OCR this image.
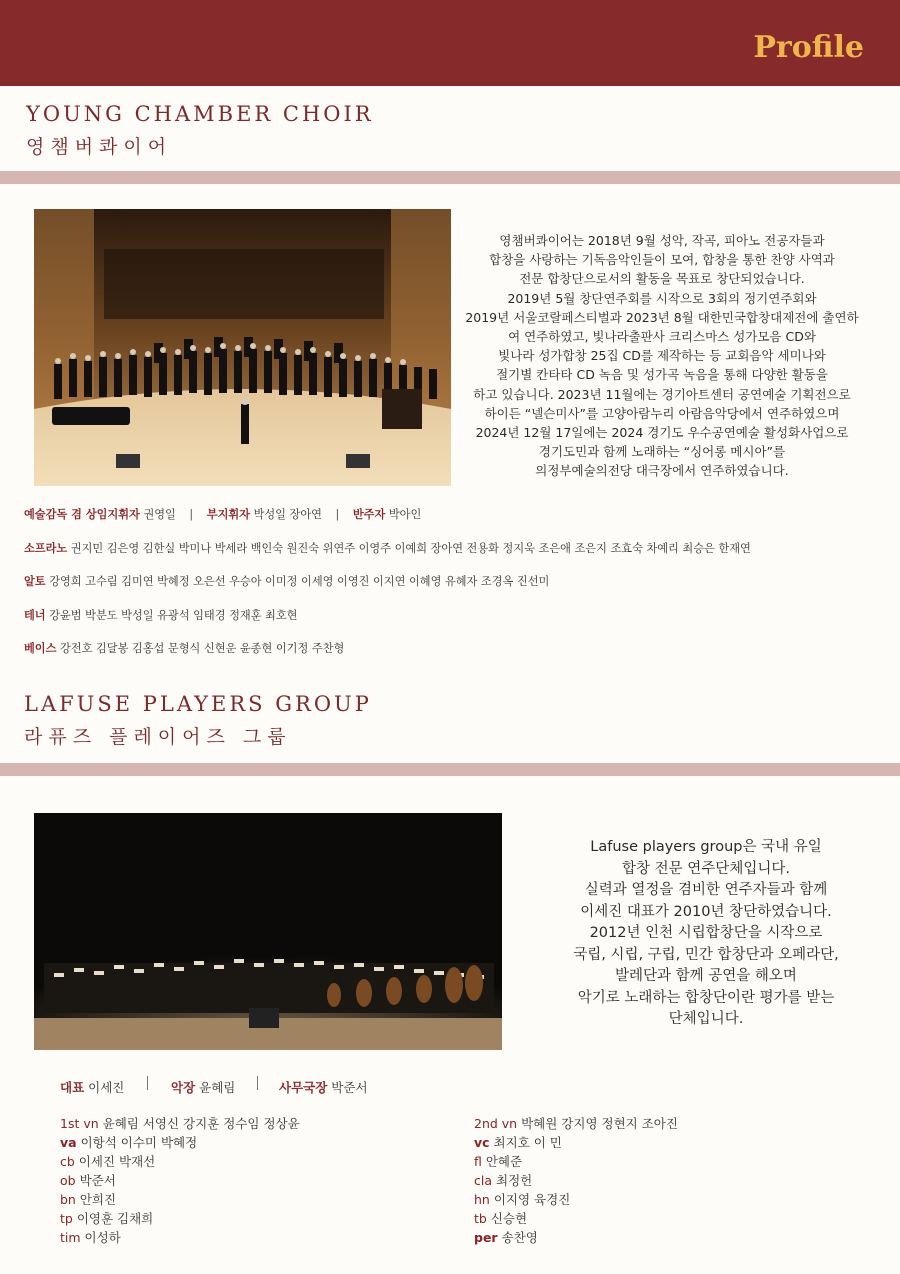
Profile
YOUNG CHAMBER CHOIR
영챔버콰이어
영챔버콰이어는 2018년 9월 성악, 작곡, 피아노 전공자들과
합창을 사랑하는 기독음악인들이 모여, 합창을 통한 찬양 사역과
전문 합창단으로서의 활동을 목표로 창단되었습니다.
2019년 5월 창단연주회를 시작으로 3회의 정기연주회와
2019년 서울코랄페스티벌과 2023년 8월 대한민국합창대제전에 출연하
여 연주하였고, 빛나라출판사 크리스마스 성가모음 CD와
빛나라 성가합창 25집 CD를 제작하는 등 교회음악 세미나와
절기별 칸타타 CD 녹음 및 성가곡 녹음을 통해 다양한 활동을
하고 있습니다. 2023년 11월에는 경기아트센터 공연예술 기획전으로
하이든 “넬슨미사”를 고양아람누리 아람음악당에서 연주하였으며
2024년 12월 17일에는 2024 경기도 우수공연예술 활성화사업으로
경기도민과 함께 노래하는 “싱어롱 메시아”를
의정부예술의전당 대극장에서 연주하였습니다.
예술감독 겸 상임지휘자 권영일 | 부지휘자 박성일 장아연 | 반주자 박아인
소프라노 권지민 김은영 김한실 박미나 박세라 백인숙 원진숙 위연주 이영주 이예희 장아연 전용화 정지욱 조은애 조은지 조효숙 차예리 최승은 한재연
알토 강영희 고수림 김미연 박혜정 오은선 우승아 이미정 이세영 이영진 이지연 이혜영 유혜자 조경옥 진선미
테너 강윤범 박분도 박성일 유광석 임태경 정재훈 최호현
베이스 강전호 김달봉 김홍섭 문형식 신현운 윤종현 이기정 주찬형
LAFUSE PLAYERS GROUP
라퓨즈 플레이어즈 그룹
Lafuse players group은 국내 유일
합창 전문 연주단체입니다.
실력과 열정을 겸비한 연주자들과 함께
이세진 대표가 2010년 창단하였습니다.
2012년 인천 시립합창단을 시작으로
국립, 시립, 구립, 민간 합창단과 오페라단,
발레단과 함께 공연을 해오며
악기로 노래하는 합창단이란 평가를 받는
단체입니다.
대표 이세진	악장 윤혜림	사무국장 박준서
1st vn 윤혜림 서영신 강지훈 정수임 정상윤
va 이항석 이수미 박혜정
cb 이세진 박재선
ob 박준서
bn 안희진
tp 이영훈 김채희
tim 이성하
2nd vn 박혜원 강지영 정현지 조아진
vc 최지호 이 민
fl 안혜준
cla 최정헌
hn 이지영 육경진
tb 신승현
per 송찬영
